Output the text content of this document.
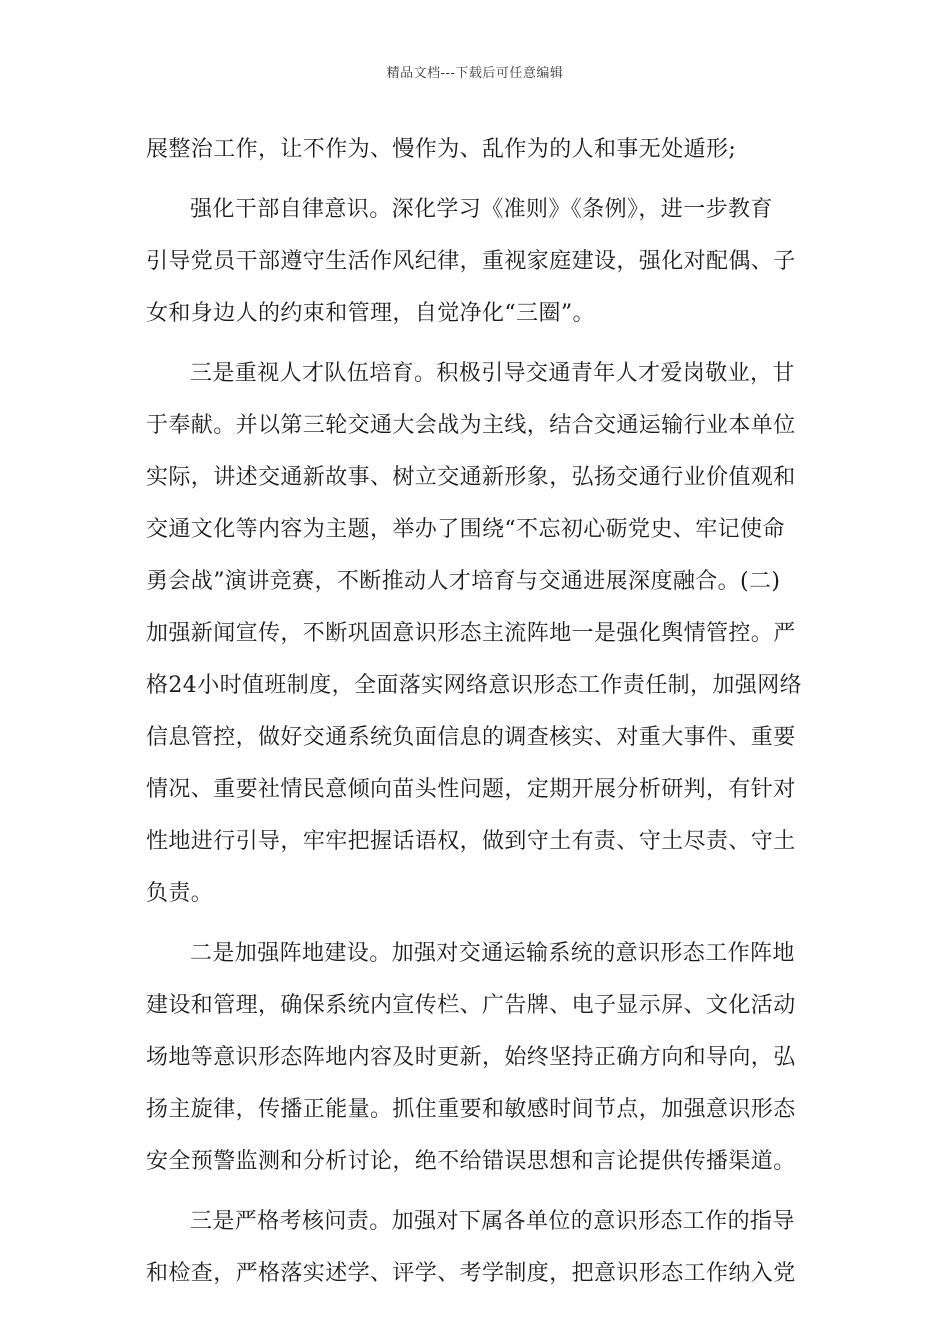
精品文档---下载后可任意编辑
展整治工作，让不作为、慢作为、乱作为的人和事无处遁形;
强化干部自律意识。深化学习《准则》《条例》，进一步教育
引导党员干部遵守生活作风纪律，重视家庭建设，强化对配偶、子
女和身边人的约束和管理，自觉净化“三圈”。
三是重视人才队伍培育。积极引导交通青年人才爱岗敬业，甘
于奉献。并以第三轮交通大会战为主线，结合交通运输行业本单位
实际，讲述交通新故事、树立交通新形象，弘扬交通行业价值观和
交通文化等内容为主题，举办了围绕“不忘初心砺党史、牢记使命
勇会战”演讲竞赛，不断推动人才培育与交通进展深度融合。(二)
加强新闻宣传，不断巩固意识形态主流阵地一是强化舆情管控。严
格24小时值班制度，全面落实网络意识形态工作责任制，加强网络
信息管控，做好交通系统负面信息的调查核实、对重大事件、重要
情况、重要社情民意倾向苗头性问题，定期开展分析研判，有针对
性地进行引导，牢牢把握话语权，做到守土有责、守土尽责、守土
负责。
二是加强阵地建设。加强对交通运输系统的意识形态工作阵地
建设和管理，确保系统内宣传栏、广告牌、电子显示屏、文化活动
场地等意识形态阵地内容及时更新，始终坚持正确方向和导向，弘
扬主旋律，传播正能量。抓住重要和敏感时间节点，加强意识形态
安全预警监测和分析讨论，绝不给错误思想和言论提供传播渠道。
三是严格考核问责。加强对下属各单位的意识形态工作的指导
和检查，严格落实述学、评学、考学制度，把意识形态工作纳入党
